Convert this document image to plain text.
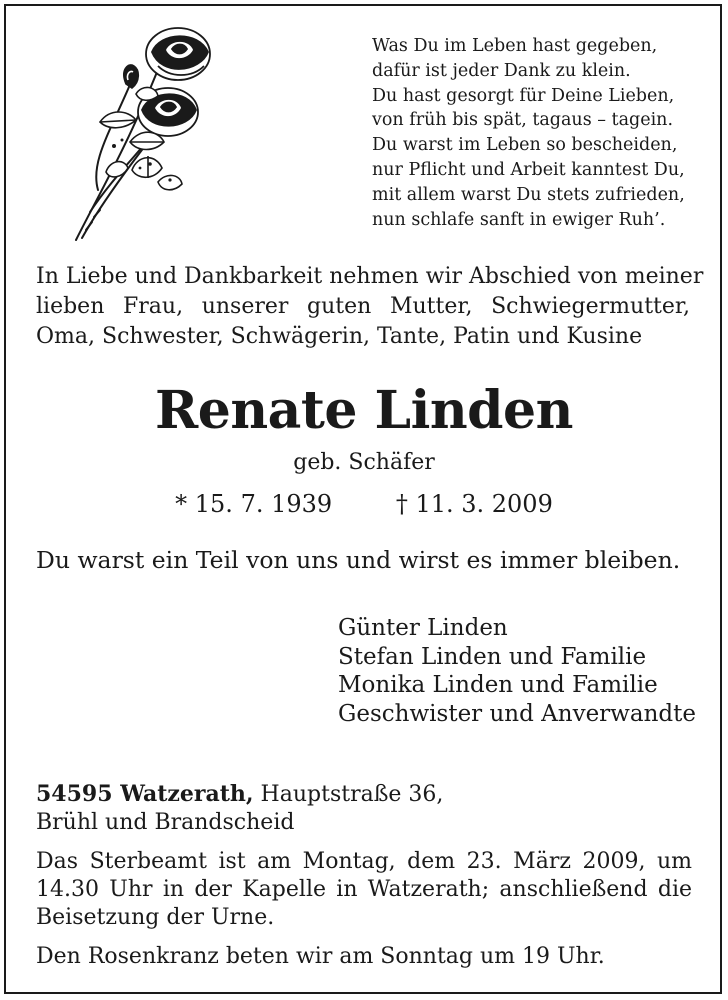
Was Du im Leben hast gegeben,
dafür ist jeder Dank zu klein.
Du hast gesorgt für Deine Lieben,
von früh bis spät, tagaus – tagein.
Du warst im Leben so bescheiden,
nur Pflicht und Arbeit kanntest Du,
mit allem warst Du stets zufrieden,
nun schlafe sanft in ewiger Ruh’.
In Liebe und Dankbarkeit nehmen wir Abschied von meiner
lieben Frau, unserer guten Mutter, Schwiegermutter,
Oma, Schwester, Schwägerin, Tante, Patin und Kusine
Renate Linden
geb. Schäfer
* 15. 7. 1939	† 11. 3. 2009
Du warst ein Teil von uns und wirst es immer bleiben.
Günter Linden
Stefan Linden und Familie
Monika Linden und Familie
Geschwister und Anverwandte
54595 Watzerath, Hauptstraße 36,
Brühl und Brandscheid
Das Sterbeamt ist am Montag, dem 23. März 2009, um
14.30 Uhr in der Kapelle in Watzerath; anschließend die
Beisetzung der Urne.
Den Rosenkranz beten wir am Sonntag um 19 Uhr.
